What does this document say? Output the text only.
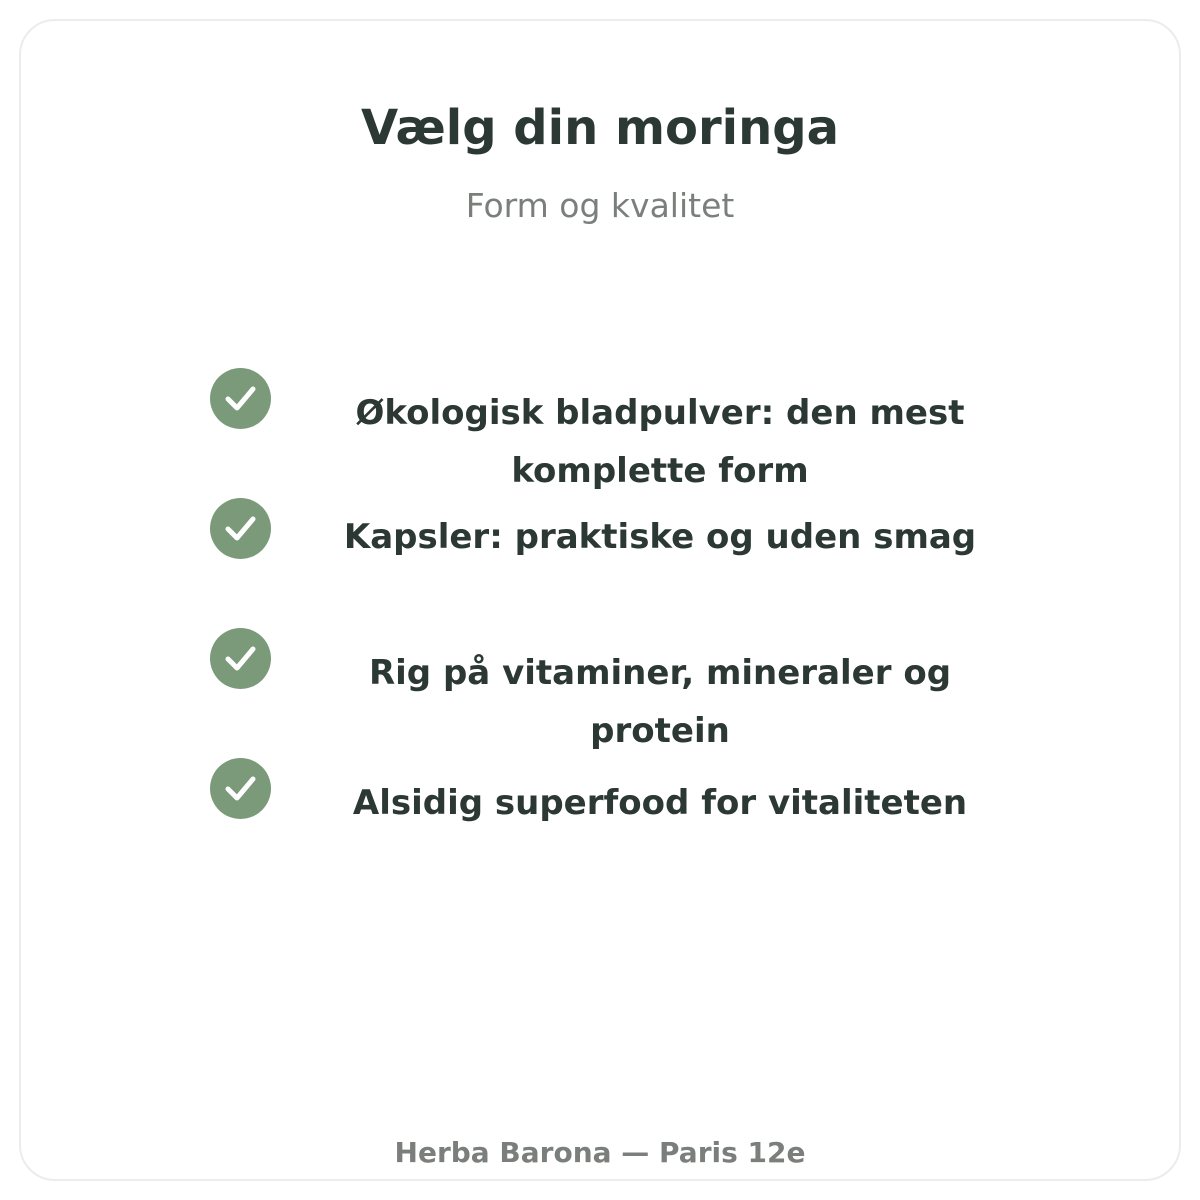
Vælg din moringa

Form og kvalitet

Økologisk bladpulver: den mest komplette form
Kapsler: praktiske og uden smag
Rig på vitaminer, mineraler og protein
Alsidig superfood for vitaliteten
Herba Barona — Paris 12e
